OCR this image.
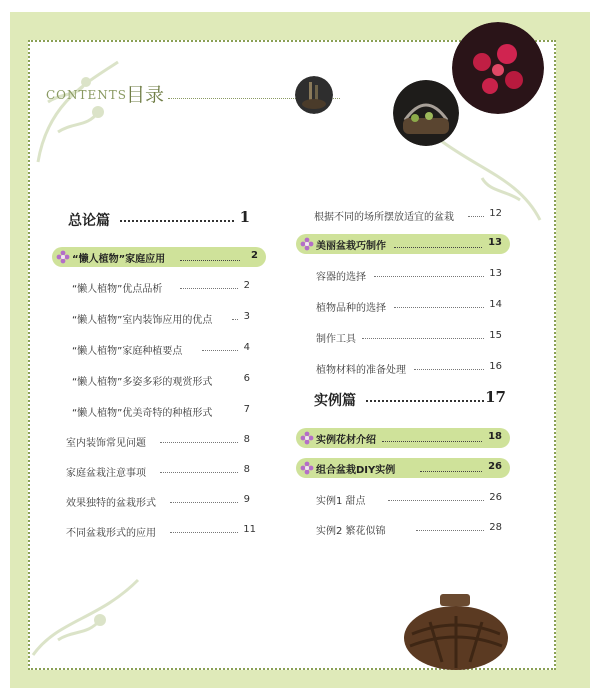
CONTENTS
目录
总论篇	1
“懒人植物”家庭应用	2
“懒人植物”优点品析	2
“懒人植物”室内装饰应用的优点	3
“懒人植物”家庭种植要点	4
“懒人植物”多姿多彩的观赏形式	6
“懒人植物”优美奇特的种植形式	7
室内装饰常见问题	8
家庭盆栽注意事项	8
效果独特的盆栽形式	9
不同盆栽形式的应用	11
根据不同的场所摆放适宜的盆栽	12
美丽盆栽巧制作	13
容器的选择	13
植物品种的选择	14
制作工具	15
植物材料的准备处理	16
实例篇	17
实例花材介绍	18
组合盆栽DIY实例	26
实例1 甜点	26
实例2 繁花似锦	28
